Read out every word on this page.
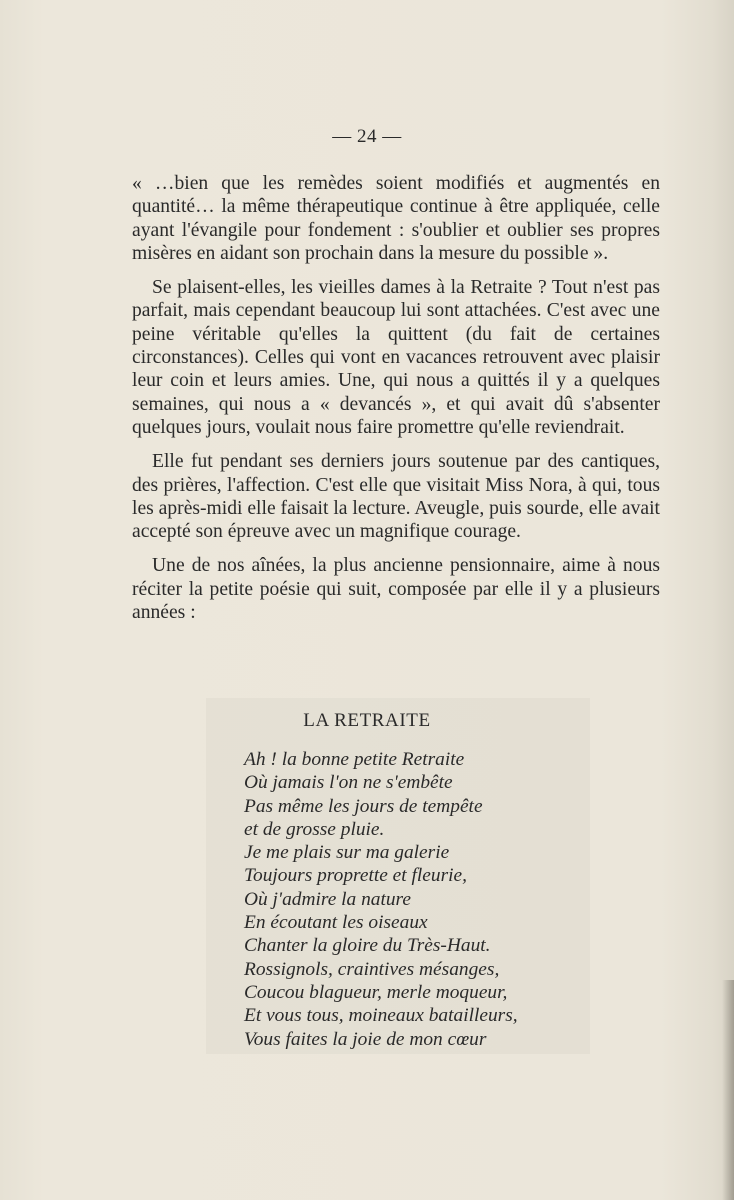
— 24 —

« …bien que les remèdes soient modifiés et augmentés en quantité… la même thérapeutique continue à être appliquée, celle ayant l'évangile pour fondement : s'oublier et oublier ses propres misères en aidant son prochain dans la mesure du possible ».

Se plaisent-elles, les vieilles dames à la Retraite ? Tout n'est pas parfait, mais cependant beaucoup lui sont attachées. C'est avec une peine véritable qu'elles la quittent (du fait de certaines circonstances). Celles qui vont en vacances retrouvent avec plaisir leur coin et leurs amies. Une, qui nous a quittés il y a quelques semaines, qui nous a « devancés », et qui avait dû s'absenter quelques jours, voulait nous faire promettre qu'elle reviendrait.

Elle fut pendant ses derniers jours soutenue par des cantiques, des prières, l'affection. C'est elle que visitait Miss Nora, à qui, tous les après-midi elle faisait la lecture. Aveugle, puis sourde, elle avait accepté son épreuve avec un magnifique courage.

Une de nos aînées, la plus ancienne pensionnaire, aime à nous réciter la petite poésie qui suit, composée par elle il y a plusieurs années :

LA RETRAITE
Ah ! la bonne petite Retraite
Où jamais l'on ne s'embête
Pas même les jours de tempête
et de grosse pluie.
Je me plais sur ma galerie
Toujours proprette et fleurie,
Où j'admire la nature
En écoutant les oiseaux
Chanter la gloire du Très-Haut.
Rossignols, craintives mésanges,
Coucou blagueur, merle moqueur,
Et vous tous, moineaux batailleurs,
Vous faites la joie de mon cœur
